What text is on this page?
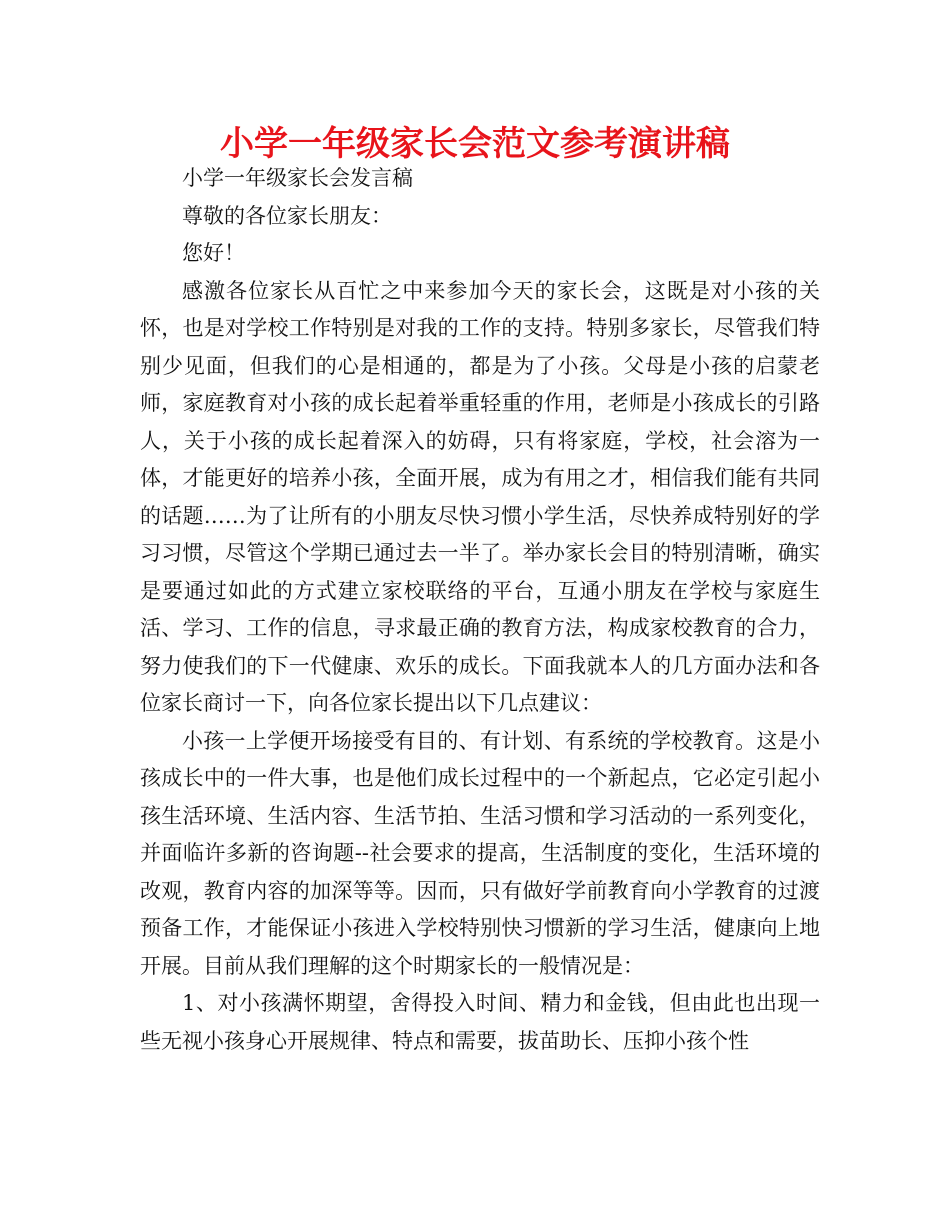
小学一年级家长会范文参考演讲稿

小学一年级家长会发言稿

尊敬的各位家长朋友：

您好！

感激各位家长从百忙之中来参加今天的家长会，这既是对小孩的关怀，也是对学校工作特别是对我的工作的支持。特别多家长，尽管我们特别少见面，但我们的心是相通的，都是为了小孩。父母是小孩的启蒙老师，家庭教育对小孩的成长起着举重轻重的作用，老师是小孩成长的引路人，关于小孩的成长起着深入的妨碍，只有将家庭，学校，社会溶为一体，才能更好的培养小孩，全面开展，成为有用之才，相信我们能有共同的话题……为了让所有的小朋友尽快习惯小学生活，尽快养成特别好的学习习惯，尽管这个学期已通过去一半了。举办家长会目的特别清晰，确实是要通过如此的方式建立家校联络的平台，互通小朋友在学校与家庭生活、学习、工作的信息，寻求最正确的教育方法，构成家校教育的合力，努力使我们的下一代健康、欢乐的成长。下面我就本人的几方面办法和各位家长商讨一下，向各位家长提出以下几点建议：

小孩一上学便开场接受有目的、有计划、有系统的学校教育。这是小孩成长中的一件大事，也是他们成长过程中的一个新起点，它必定引起小孩生活环境、生活内容、生活节拍、生活习惯和学习活动的一系列变化，并面临许多新的咨询题--社会要求的提高，生活制度的变化，生活环境的改观，教育内容的加深等等。因而，只有做好学前教育向小学教育的过渡预备工作，才能保证小孩进入学校特别快习惯新的学习生活，健康向上地开展。目前从我们理解的这个时期家长的一般情况是：

1、对小孩满怀期望，舍得投入时间、精力和金钱，但由此也出现一些无视小孩身心开展规律、特点和需要，拔苗助长、压抑小孩个性
